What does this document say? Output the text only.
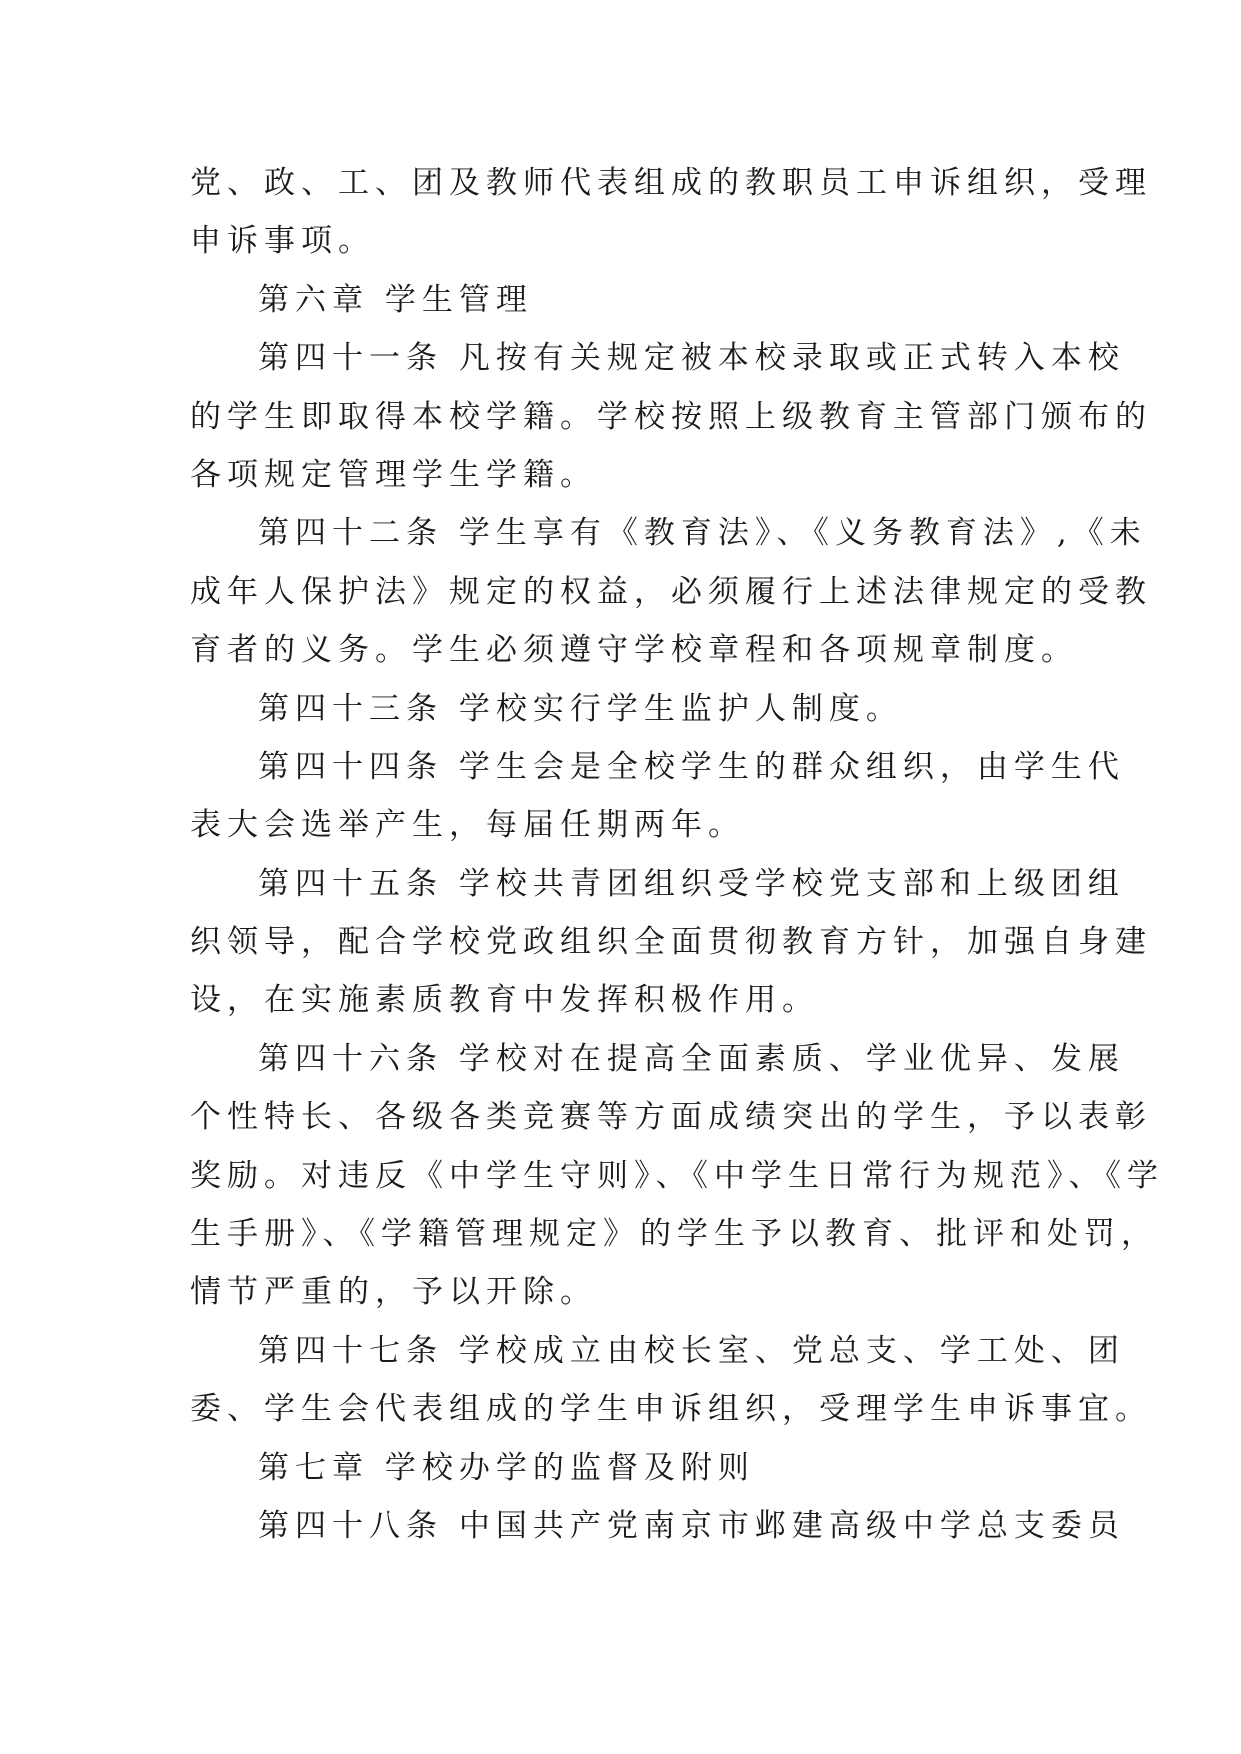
党、政、工、团及教师代表组成的教职员工申诉组织，受理
申诉事项。
第六章 学生管理
第四十一条 凡按有关规定被本校录取或正式转入本校
的学生即取得本校学籍。学校按照上级教育主管部门颁布的
各项规定管理学生学籍。
第四十二条 学生享有《教育法》、《义务教育法》,《未
成年人保护法》规定的权益，必须履行上述法律规定的受教
育者的义务。学生必须遵守学校章程和各项规章制度。
第四十三条 学校实行学生监护人制度。
第四十四条 学生会是全校学生的群众组织，由学生代
表大会选举产生，每届任期两年。
第四十五条 学校共青团组织受学校党支部和上级团组
织领导，配合学校党政组织全面贯彻教育方针，加强自身建
设，在实施素质教育中发挥积极作用。
第四十六条 学校对在提高全面素质、学业优异、发展
个性特长、各级各类竞赛等方面成绩突出的学生，予以表彰
奖励。对违反《中学生守则》、《中学生日常行为规范》、《学
生手册》、《学籍管理规定》的学生予以教育、批评和处罚，
情节严重的，予以开除。
第四十七条 学校成立由校长室、党总支、学工处、团
委、学生会代表组成的学生申诉组织，受理学生申诉事宜。
第七章 学校办学的监督及附则
第四十八条 中国共产党南京市邺建高级中学总支委员
